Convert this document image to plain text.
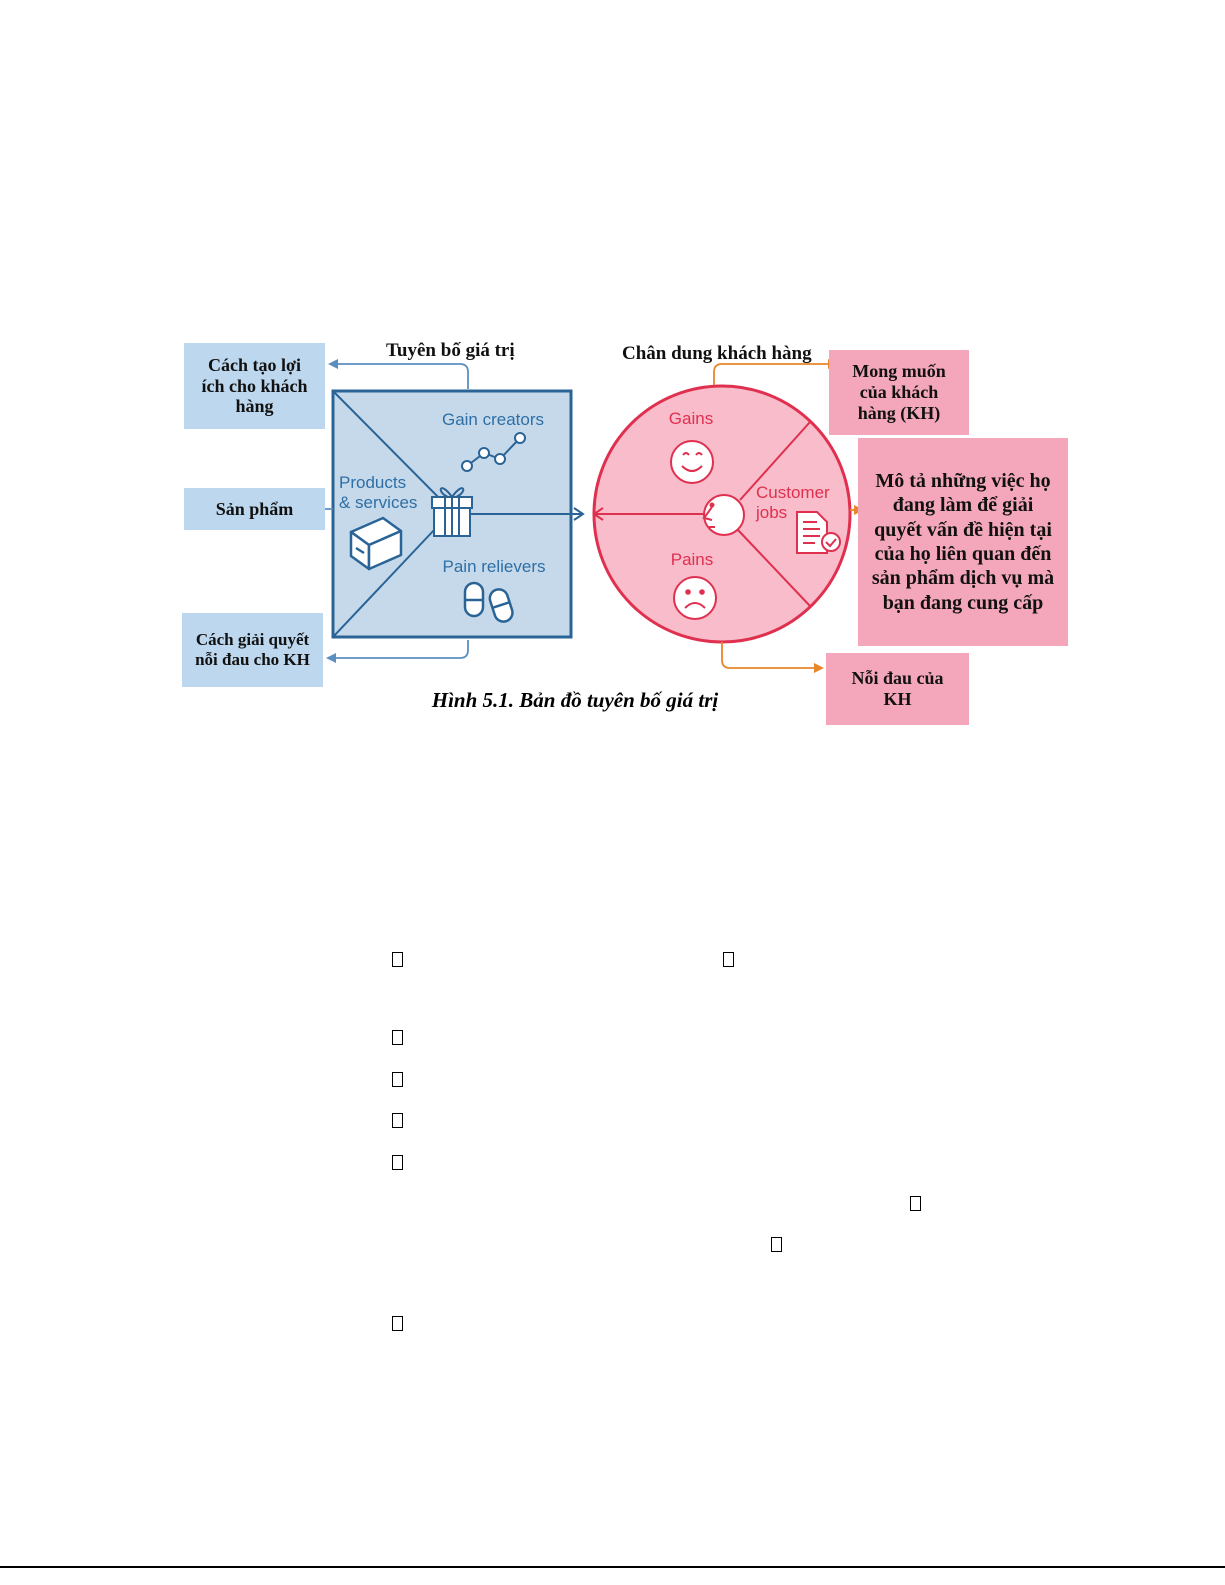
Gain creators
Products
& services
Pain relievers
Gains
Pains
Customer
jobs
Tuyên bố giá trị	Chân dung khách hàng
Cách tạo lợi ích cho khách hàng
Sản phẩm
Cách giải quyết nỗi đau cho KH
Mong muốn của khách hàng (KH)
Mô tả những việc họ đang làm để giải quyết vấn đề hiện tại của họ liên quan đến sản phẩm dịch vụ mà bạn đang cung cấp
Nỗi đau của KH
Hình 5.1. Bản đồ tuyên bố giá trị
